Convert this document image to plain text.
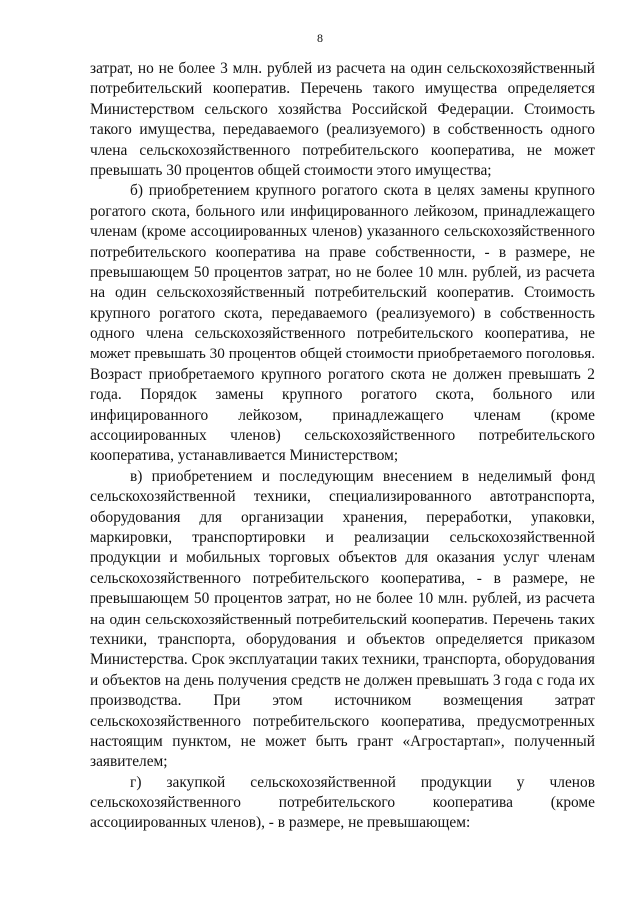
8
затрат, но не более 3 млн. рублей из расчета на один сельскохозяйственный
потребительский кооператив. Перечень такого имущества определяется
Министерством сельского хозяйства Российской Федерации. Стоимость
такого имущества, передаваемого (реализуемого) в собственность одного
члена сельскохозяйственного потребительского кооператива, не может
превышать 30 процентов общей стоимости этого имущества;
б) приобретением крупного рогатого скота в целях замены крупного
рогатого скота, больного или инфицированного лейкозом, принадлежащего
членам (кроме ассоциированных членов) указанного сельскохозяйственного
потребительского кооператива на праве собственности, - в размере, не
превышающем 50 процентов затрат, но не более 10 млн. рублей, из расчета
на один сельскохозяйственный потребительский кооператив. Стоимость
крупного рогатого скота, передаваемого (реализуемого) в собственность
одного члена сельскохозяйственного потребительского кооператива, не
может превышать 30 процентов общей стоимости приобретаемого поголовья.
Возраст приобретаемого крупного рогатого скота не должен превышать 2
года. Порядок замены крупного рогатого скота, больного или
инфицированного лейкозом, принадлежащего членам (кроме
ассоциированных членов) сельскохозяйственного потребительского
кооператива, устанавливается Министерством;
в) приобретением и последующим внесением в неделимый фонд
сельскохозяйственной техники, специализированного автотранспорта,
оборудования для организации хранения, переработки, упаковки,
маркировки, транспортировки и реализации сельскохозяйственной
продукции и мобильных торговых объектов для оказания услуг членам
сельскохозяйственного потребительского кооператива, - в размере, не
превышающем 50 процентов затрат, но не более 10 млн. рублей, из расчета
на один сельскохозяйственный потребительский кооператив. Перечень таких
техники, транспорта, оборудования и объектов определяется приказом
Министерства. Срок эксплуатации таких техники, транспорта, оборудования
и объектов на день получения средств не должен превышать 3 года с года их
производства. При этом источником возмещения затрат
сельскохозяйственного потребительского кооператива, предусмотренных
настоящим пунктом, не может быть грант «Агростартап», полученный
заявителем;
г) закупкой сельскохозяйственной продукции у членов
сельскохозяйственного потребительского кооператива (кроме
ассоциированных членов), - в размере, не превышающем:
